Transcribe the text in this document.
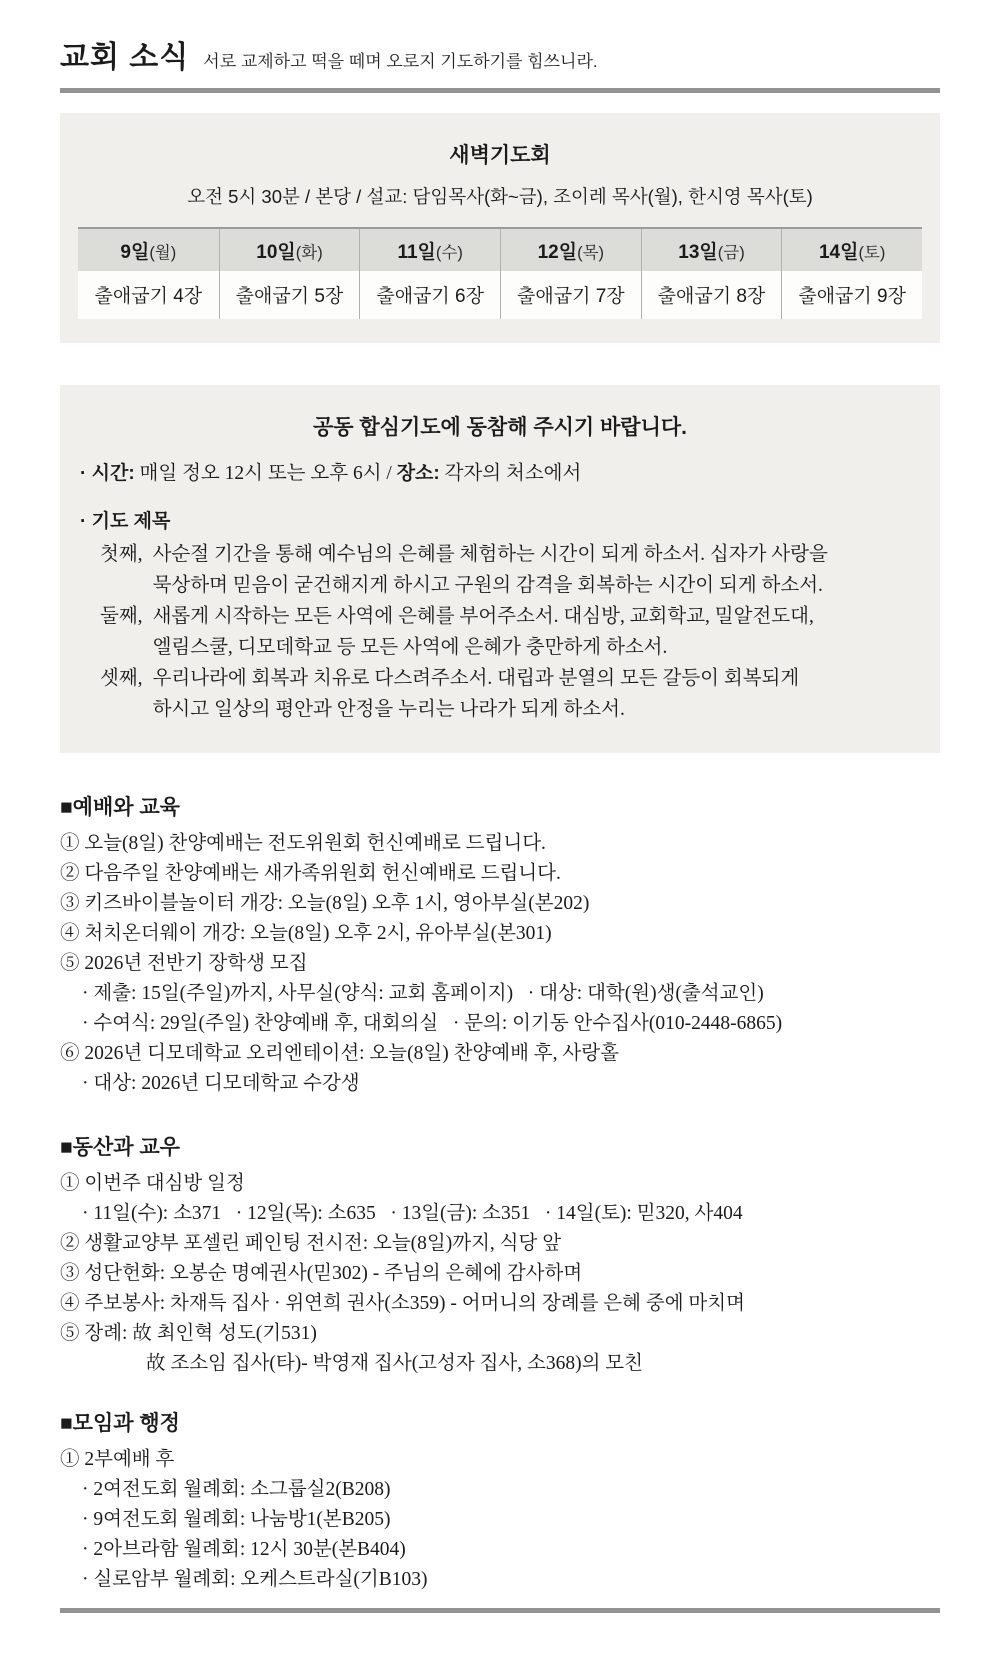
교회 소식 서로 교제하고 떡을 떼며 오로지 기도하기를 힘쓰니라.
새벽기도회
오전 5시 30분 / 본당 / 설교: 담임목사(화~금), 조이레 목사(월), 한시영 목사(토)
9일(월)
출애굽기 4장
10일(화)
출애굽기 5장
11일(수)
출애굽기 6장
12일(목)
출애굽기 7장
13일(금)
출애굽기 8장
14일(토)
출애굽기 9장
공동 합심기도에 동참해 주시기 바랍니다.
· 시간: 매일 정오 12시 또는 오후 6시 / 장소: 각자의 처소에서
· 기도 제목
첫째, 사순절 기간을 통해 예수님의 은혜를 체험하는 시간이 되게 하소서. 십자가 사랑을
묵상하며 믿음이 굳건해지게 하시고 구원의 감격을 회복하는 시간이 되게 하소서.
둘째, 새롭게 시작하는 모든 사역에 은혜를 부어주소서. 대심방, 교회학교, 밀알전도대,
엘림스쿨, 디모데학교 등 모든 사역에 은혜가 충만하게 하소서.
셋째, 우리나라에 회복과 치유로 다스려주소서. 대립과 분열의 모든 갈등이 회복되게
하시고 일상의 평안과 안정을 누리는 나라가 되게 하소서.
■예배와 교육
① 오늘(8일) 찬양예배는 전도위원회 헌신예배로 드립니다.
② 다음주일 찬양예배는 새가족위원회 헌신예배로 드립니다.
③ 키즈바이블놀이터 개강: 오늘(8일) 오후 1시, 영아부실(본202)
④ 처치온더웨이 개강: 오늘(8일) 오후 2시, 유아부실(본301)
⑤ 2026년 전반기 장학생 모집
· 제출: 15일(주일)까지, 사무실(양식: 교회 홈페이지)   · 대상: 대학(원)생(출석교인)
· 수여식: 29일(주일) 찬양예배 후, 대회의실   · 문의: 이기동 안수집사(010-2448-6865)
⑥ 2026년 디모데학교 오리엔테이션: 오늘(8일) 찬양예배 후, 사랑홀
· 대상: 2026년 디모데학교 수강생
■동산과 교우
① 이번주 대심방 일정
· 11일(수): 소371   · 12일(목): 소635   · 13일(금): 소351   · 14일(토): 믿320, 사404
② 생활교양부 포셀린 페인팅 전시전: 오늘(8일)까지, 식당 앞
③ 성단헌화: 오봉순 명예권사(믿302) - 주님의 은혜에 감사하며
④ 주보봉사: 차재득 집사 · 위연희 권사(소359) - 어머니의 장례를 은혜 중에 마치며
⑤ 장례: 故 최인혁 성도(기531)
故 조소임 집사(타)- 박영재 집사(고성자 집사, 소368)의 모친
■모임과 행정
① 2부예배 후
· 2여전도회 월례회: 소그룹실2(B208)
· 9여전도회 월례회: 나눔방1(본B205)
· 2아브라함 월례회: 12시 30분(본B404)
· 실로암부 월례회: 오케스트라실(기B103)
